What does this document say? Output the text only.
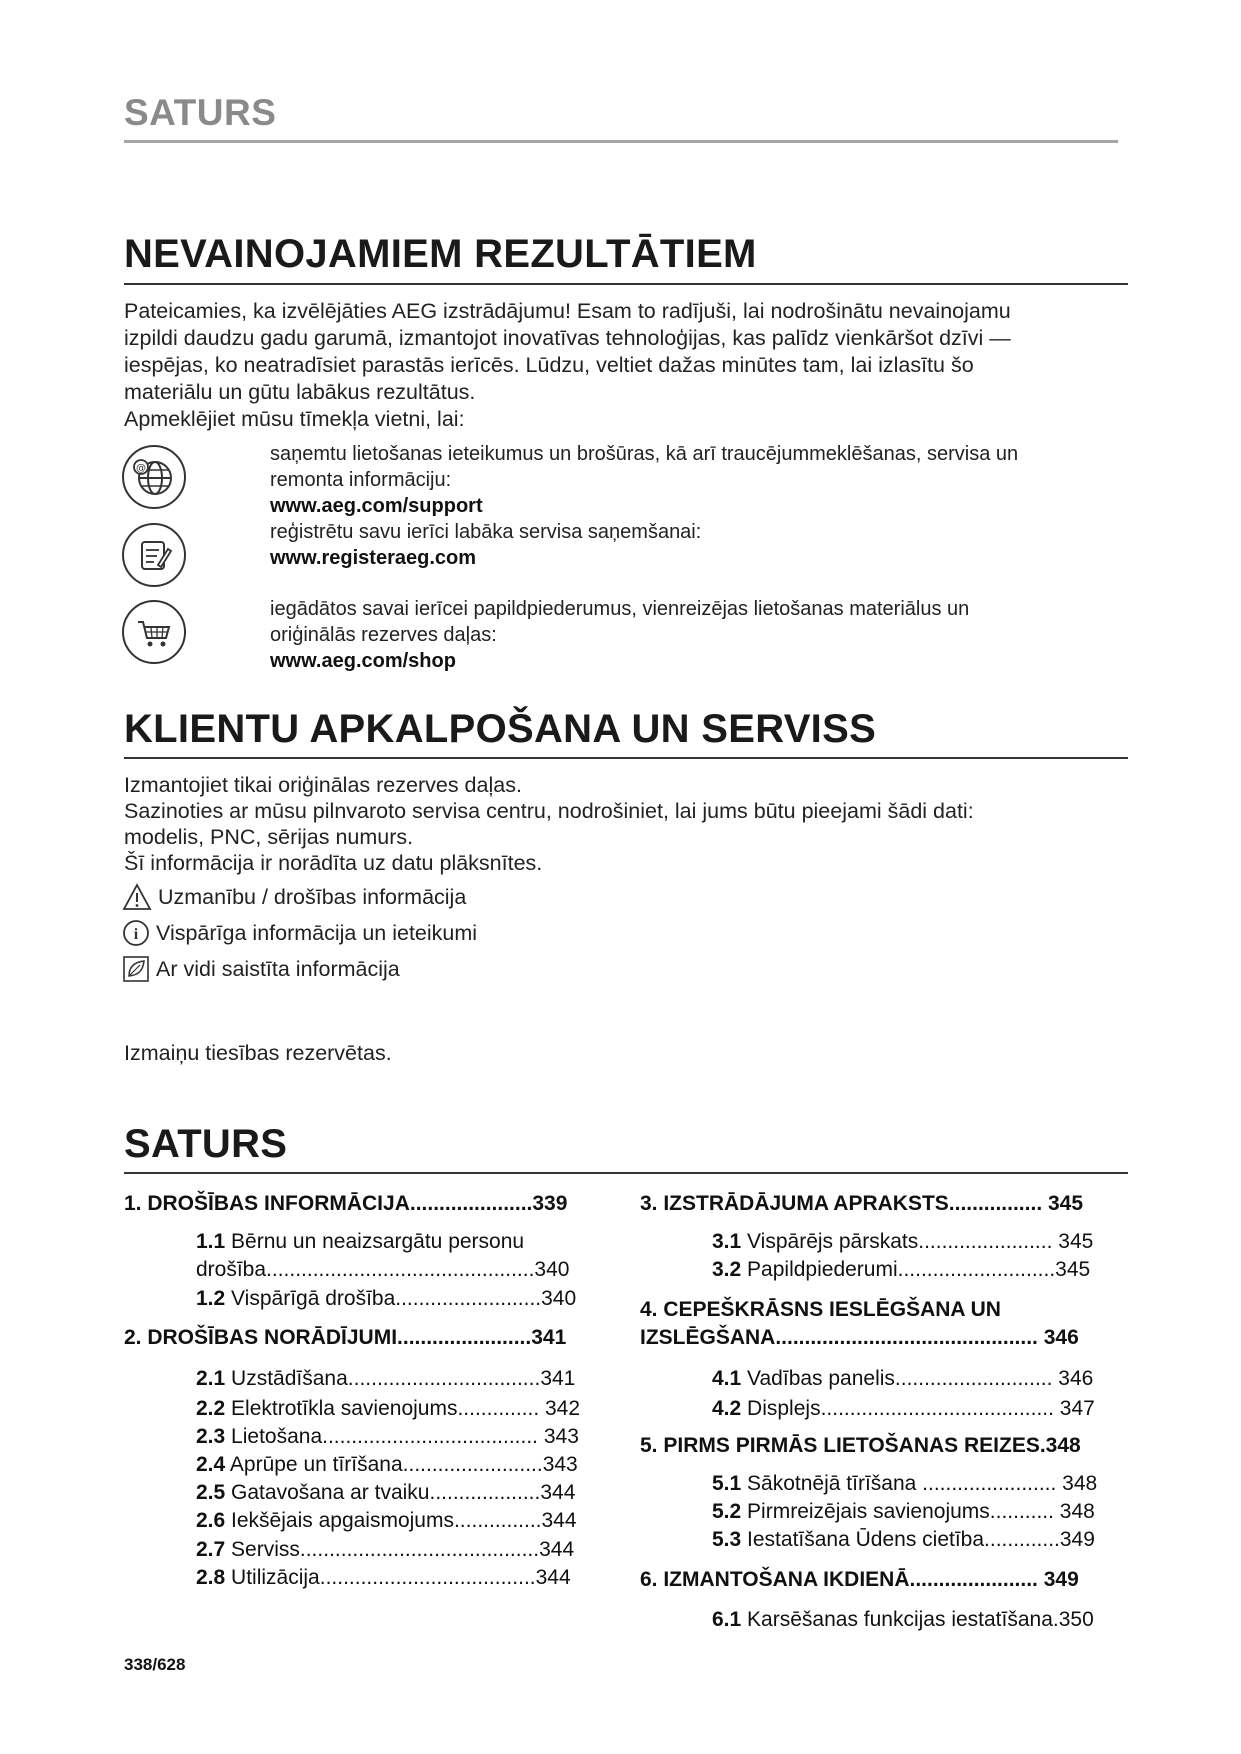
SATURS
NEVAINOJAMIEM REZULTĀTIEM
Pateicamies, ka izvēlējāties AEG izstrādājumu! Esam to radījuši, lai nodrošinātu nevainojamu
izpildi daudzu gadu garumā, izmantojot inovatīvas tehnoloģijas, kas palīdz vienkāršot dzīvi —
iespējas, ko neatradīsiet parastās ierīcēs. Lūdzu, veltiet dažas minūtes tam, lai izlasītu šo
materiālu un gūtu labākus rezultātus.
Apmeklējiet mūsu tīmekļa vietni, lai:
@
saņemtu lietošanas ieteikumus un brošūras, kā arī traucējummeklēšanas, servisa un
remonta informāciju:
www.aeg.com/support
reģistrētu savu ierīci labāka servisa saņemšanai:
www.registeraeg.com
iegādātos savai ierīcei papildpiederumus, vienreizējas lietošanas materiālus un
oriģinālās rezerves daļas:
www.aeg.com/shop
KLIENTU APKALPOŠANA UN SERVISS
Izmantojiet tikai oriģinālas rezerves daļas.
Sazinoties ar mūsu pilnvaroto servisa centru, nodrošiniet, lai jums būtu pieejami šādi dati:
modelis, PNC, sērijas numurs.
Šī informācija ir norādīta uz datu plāksnītes.
Uzmanību / drošības informācija
i Vispārīga informācija un ieteikumi
Ar vidi saistīta informācija
Izmaiņu tiesības rezervētas.
SATURS
1. DROŠĪBAS INFORMĀCIJA.....................339
1.1 Bērnu un neaizsargātu personu
drošība..............................................340
1.2 Vispārīgā drošība.........................340
2. DROŠĪBAS NORĀDĪJUMI.......................341
2.1 Uzstādīšana.................................341
2.2 Elektrotīkla savienojums.............. 342
2.3 Lietošana..................................... 343
2.4 Aprūpe un tīrīšana........................343
2.5 Gatavošana ar tvaiku...................344
2.6 Iekšējais apgaismojums...............344
2.7 Serviss.........................................344
2.8 Utilizācija.....................................344
3. IZSTRĀDĀJUMA APRAKSTS................ 345
3.1 Vispārējs pārskats....................... 345
3.2 Papildpiederumi...........................345
4. CEPEŠKRĀSNS IESLĒGŠANA UN
IZSLĒGŠANA............................................. 346
4.1 Vadības panelis........................... 346
4.2 Displejs........................................ 347
5. PIRMS PIRMĀS LIETOŠANAS REIZES.348
5.1 Sākotnējā tīrīšana ....................... 348
5.2 Pirmreizējais savienojums........... 348
5.3 Iestatīšana Ūdens cietība.............349
6. IZMANTOŠANA IKDIENĀ...................... 349
6.1 Karsēšanas funkcijas iestatīšana.350
338/628
